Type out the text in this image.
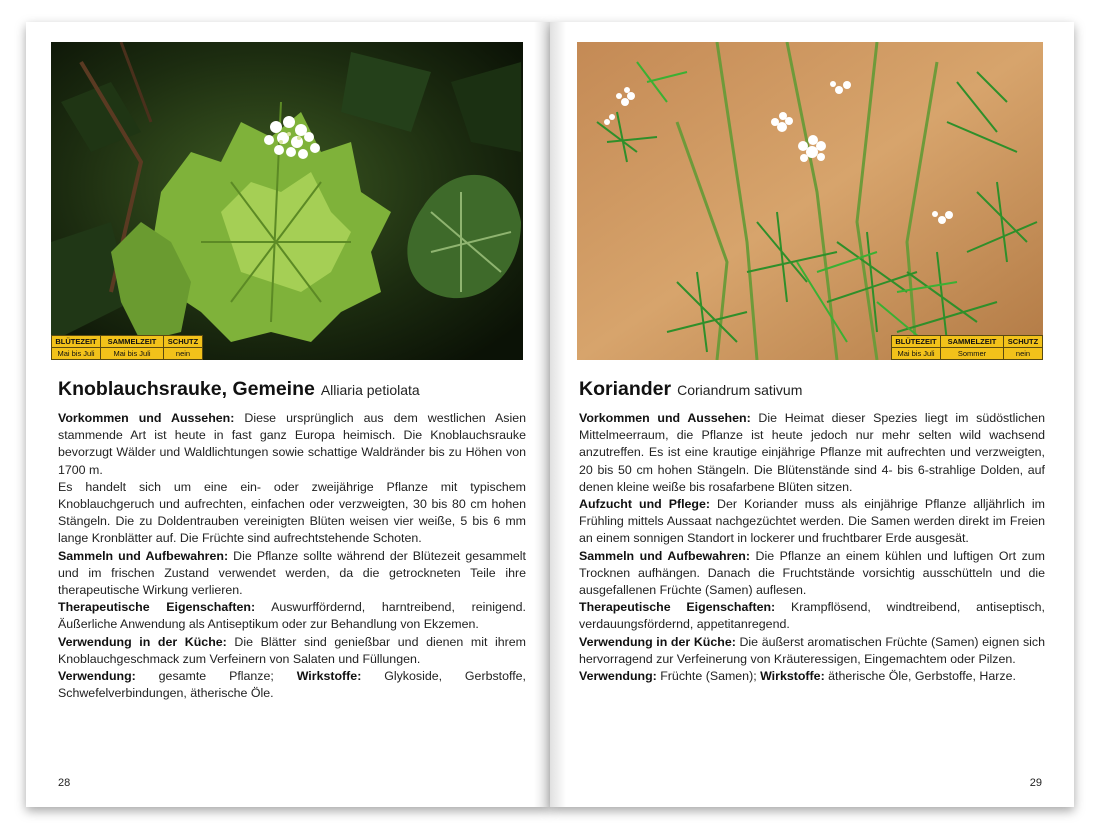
BLÜTEZEIT	SAMMELZEIT	SCHUTZ
Mai bis Juli	Mai bis Juli	nein
Knoblauchsrauke, Gemeine Alliaria petiolata

Vorkommen und Aussehen: Diese ursprünglich aus dem westlichen Asien stammende Art ist heute in fast ganz Europa heimisch. Die Knoblauchsrauke bevorzugt Wälder und Waldlichtungen sowie schattige Waldränder bis zu Höhen von 1700 m.

Es handelt sich um eine ein- oder zweijährige Pflanze mit typischem Knoblauchgeruch und aufrechten, einfachen oder verzweigten, 30 bis 80 cm hohen Stängeln. Die zu Doldentrauben vereinigten Blüten weisen vier weiße, 5 bis 6 mm lange Kronblätter auf. Die Früchte sind aufrechtstehende Schoten.

Sammeln und Aufbewahren: Die Pflanze sollte während der Blütezeit gesammelt und im frischen Zustand verwendet werden, da die getrockneten Teile ihre therapeutische Wirkung verlieren.

Therapeutische Eigenschaften: Auswurffördernd, harntreibend, reinigend. Äußerliche Anwendung als Antiseptikum oder zur Behandlung von Ekzemen.

Verwendung in der Küche: Die Blätter sind genießbar und dienen mit ihrem Knoblauchgeschmack zum Verfeinern von Salaten und Füllungen.

Verwendung: gesamte Pflanze; Wirkstoffe: Glykoside, Gerbstoffe, Schwefelverbindungen, ätherische Öle.

28
BLÜTEZEIT	SAMMELZEIT	SCHUTZ
Mai bis Juli	Sommer	nein
Koriander Coriandrum sativum

Vorkommen und Aussehen: Die Heimat dieser Spezies liegt im südöstlichen Mittelmeerraum, die Pflanze ist heute jedoch nur mehr selten wild wachsend anzutreffen. Es ist eine krautige einjährige Pflanze mit aufrechten und verzweigten, 20 bis 50 cm hohen Stängeln. Die Blütenstände sind 4- bis 6-strahlige Dolden, auf denen kleine weiße bis rosafarbene Blüten sitzen.

Aufzucht und Pflege: Der Koriander muss als einjährige Pflanze alljährlich im Frühling mittels Aussaat nachgezüchtet werden. Die Samen werden direkt im Freien an einem sonnigen Standort in lockerer und fruchtbarer Erde ausgesät.

Sammeln und Aufbewahren: Die Pflanze an einem kühlen und luftigen Ort zum Trocknen aufhängen. Danach die Fruchtstände vorsichtig ausschütteln und die ausgefallenen Früchte (Samen) auflesen.

Therapeutische Eigenschaften: Krampflösend, windtreibend, antiseptisch, verdauungsfördernd, appetitanregend.

Verwendung in der Küche: Die äußerst aromatischen Früchte (Samen) eignen sich hervorragend zur Verfeinerung von Kräuteressigen, Eingemachtem oder Pilzen.

Verwendung: Früchte (Samen); Wirkstoffe: ätherische Öle, Gerbstoffe, Harze.

29
